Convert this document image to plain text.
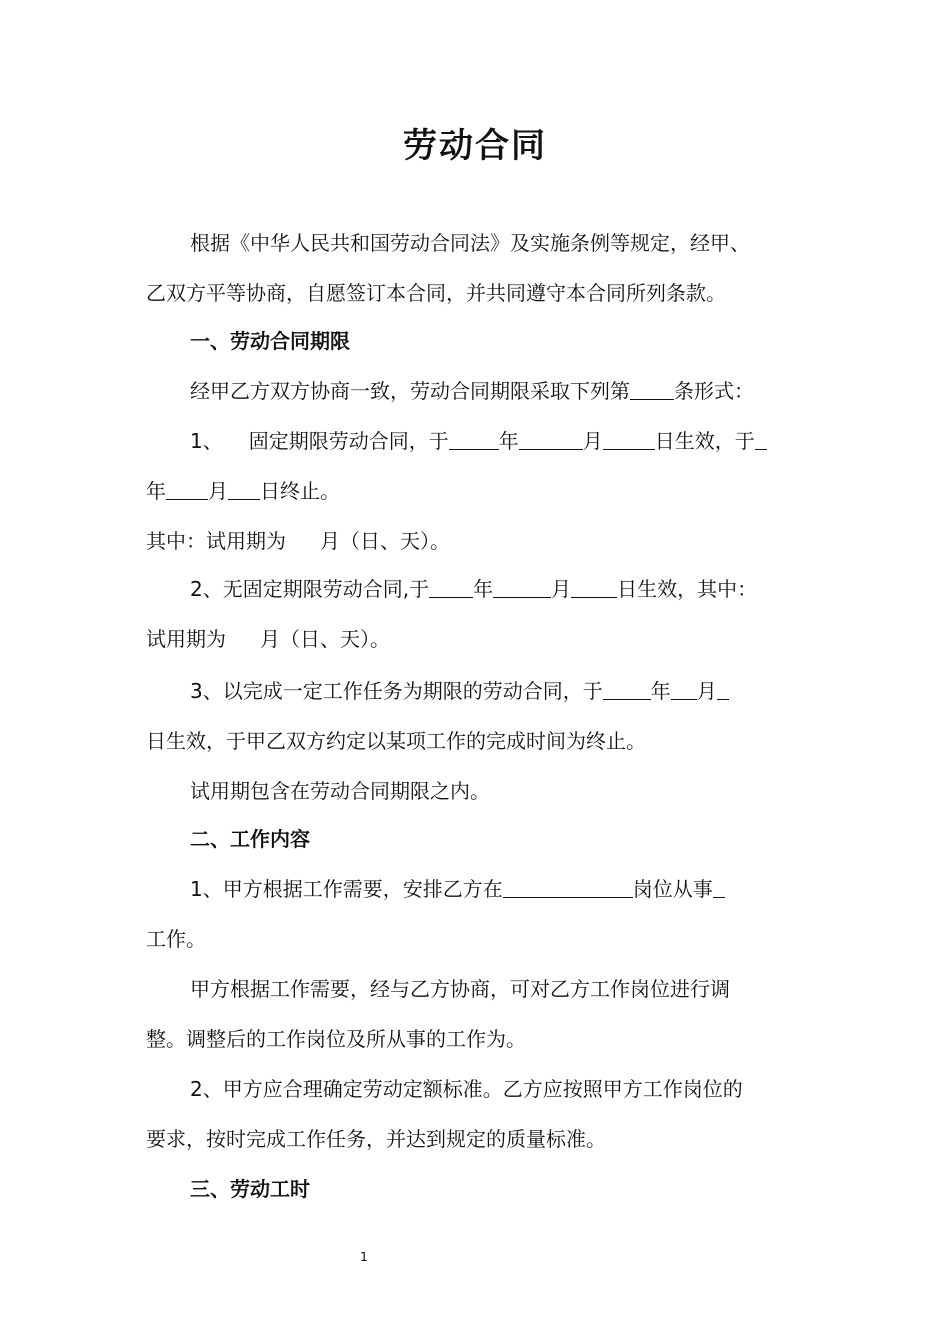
劳动合同

根据《中华人民共和国劳动合同法》及实施条例等规定，经甲、

乙双方平等协商，自愿签订本合同，并共同遵守本合同所列条款。

一、劳动合同期限

经甲乙方双方协商一致，劳动合同期限采取下列第 条形式：

1、 固定期限劳动合同，于	年	月	日生效，于

年 月 日终止。

其中：试用期为 月（日、天）。

2、无固定期限劳动合同,于 年	月 日生效，其中：

试用期为 月（日、天）。

3、以完成一定工作任务为期限的劳动合同，于 年 月

日生效，于甲乙双方约定以某项工作的完成时间为终止。

试用期包含在劳动合同期限之内。

二、工作内容

1、甲方根据工作需要，安排乙方在	岗位从事

工作。

甲方根据工作需要，经与乙方协商，可对乙方工作岗位进行调

整。调整后的工作岗位及所从事的工作为。

2、甲方应合理确定劳动定额标准。乙方应按照甲方工作岗位的

要求，按时完成工作任务，并达到规定的质量标准。

三、劳动工时

1
